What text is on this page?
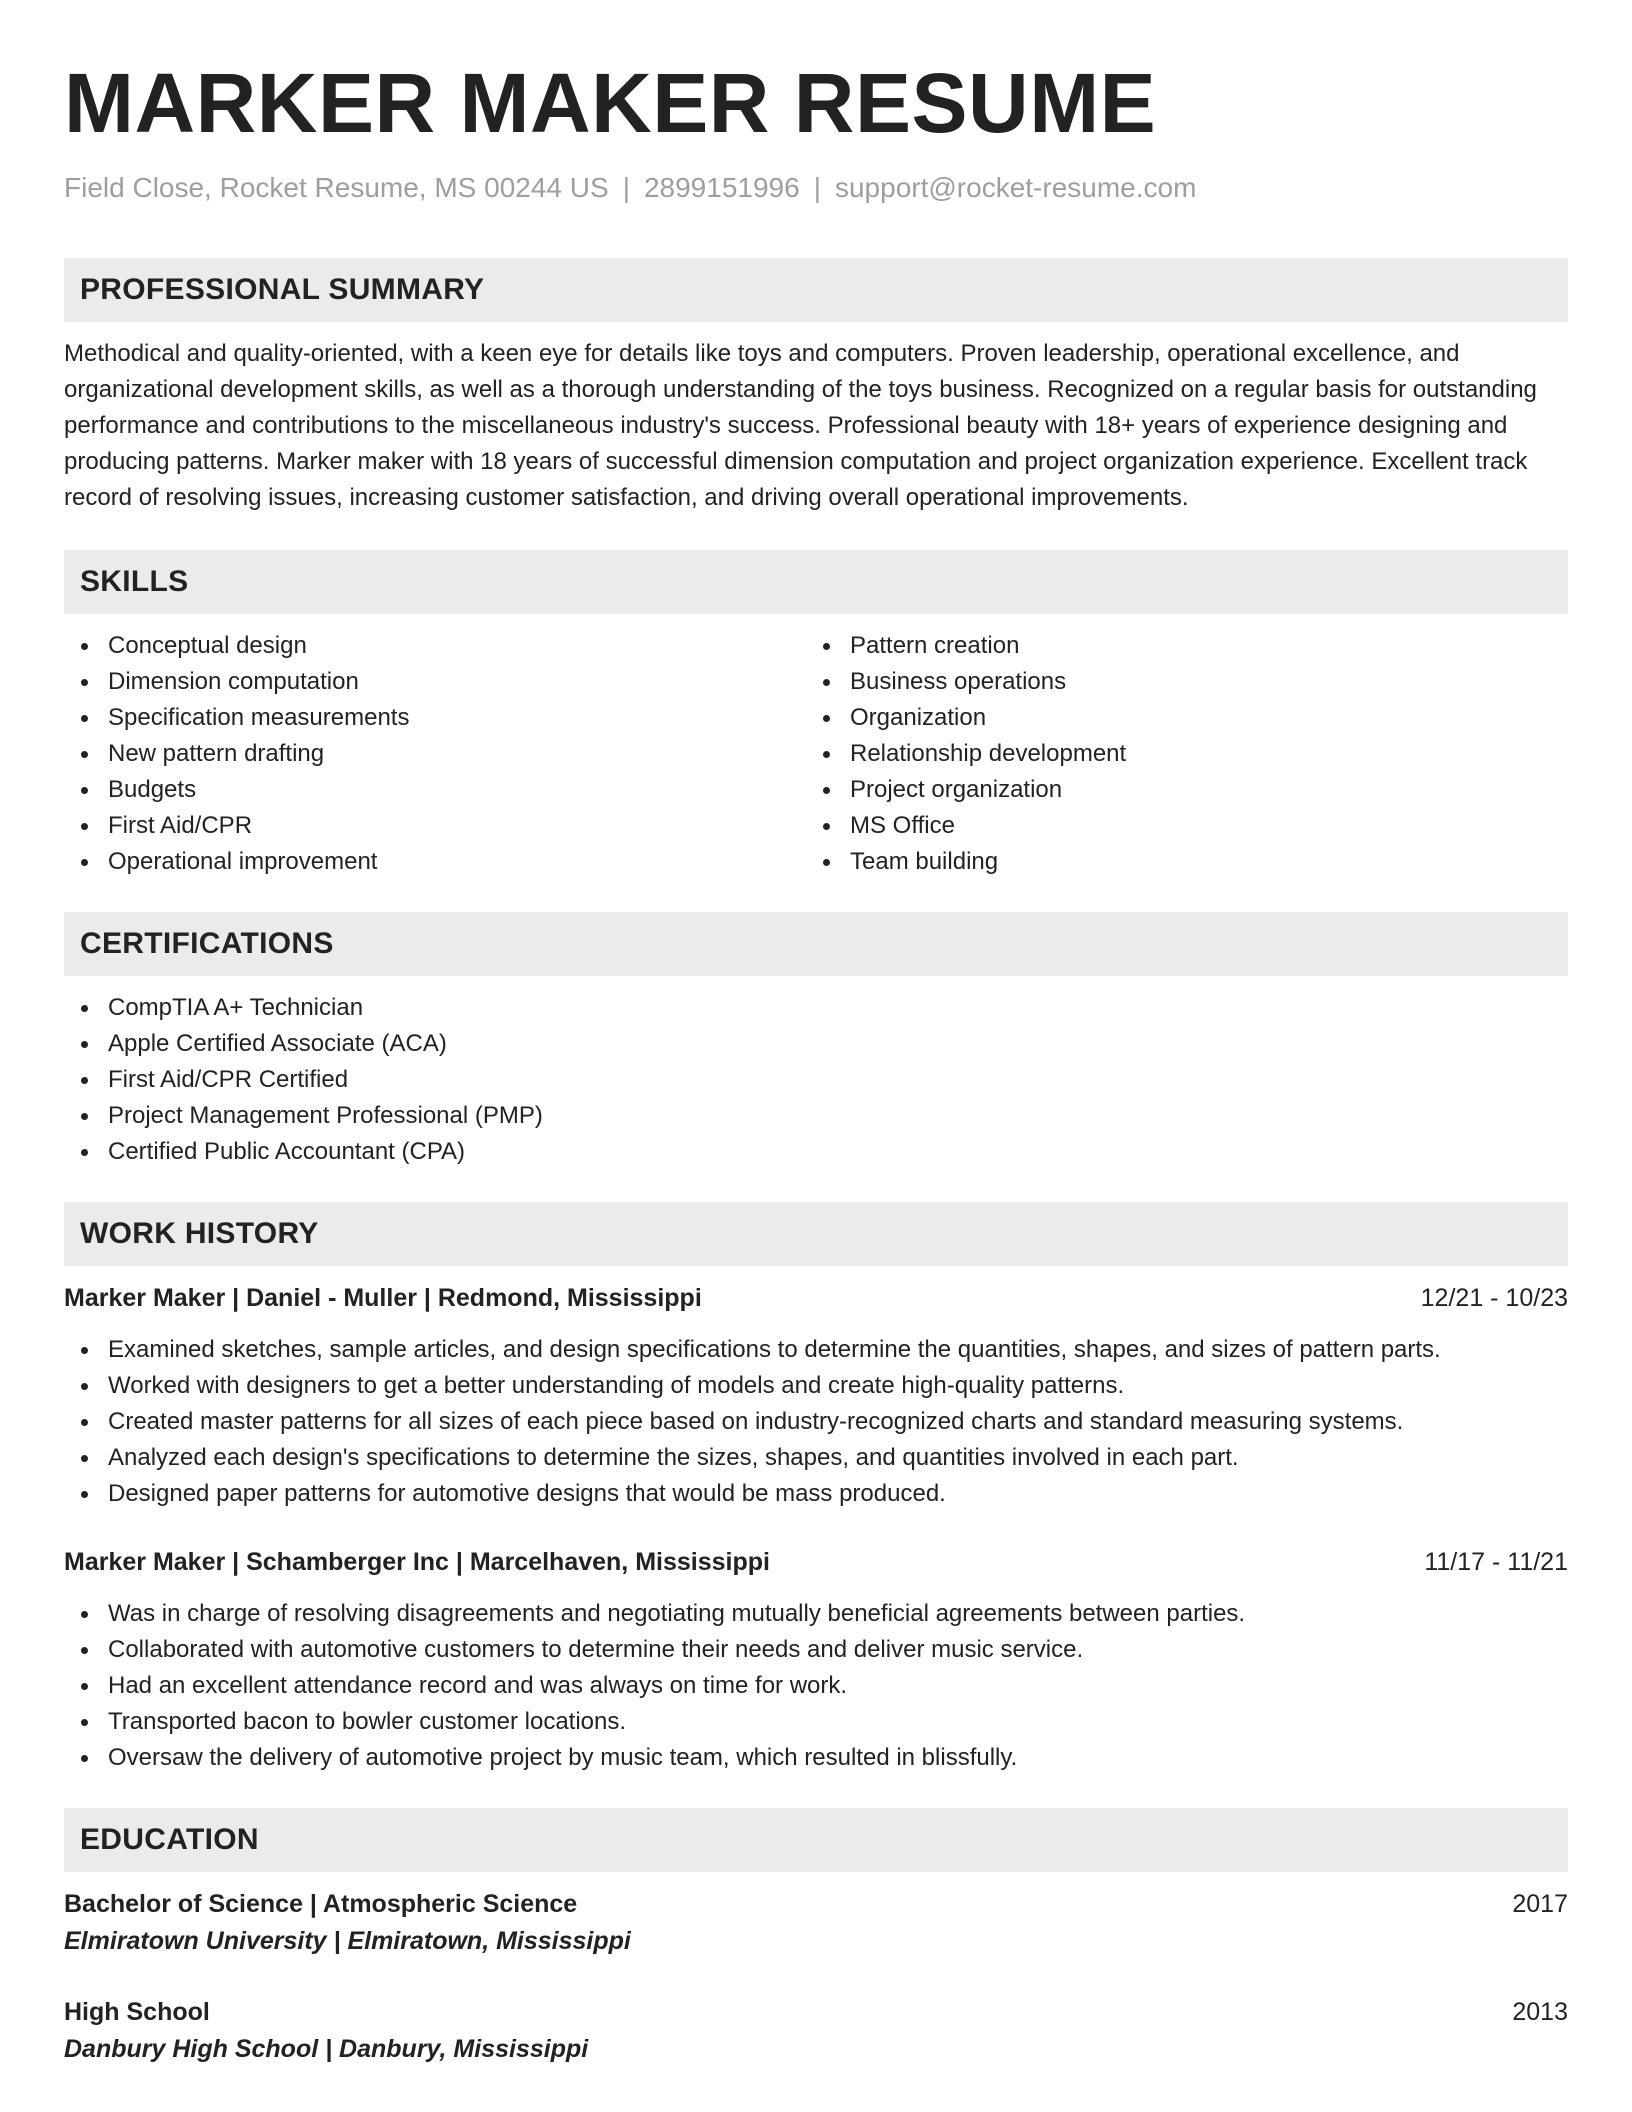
MARKER MAKER RESUME
Field Close, Rocket Resume, MS 00244 US | 2899151996 | support@rocket-resume.com
PROFESSIONAL SUMMARY

Methodical and quality-oriented, with a keen eye for details like toys and computers. Proven leadership, operational excellence, and organizational development skills, as well as a thorough understanding of the toys business. Recognized on a regular basis for outstanding performance and contributions to the miscellaneous industry's success. Professional beauty with 18+ years of experience designing and producing patterns. Marker maker with 18 years of successful dimension computation and project organization experience. Excellent track record of resolving issues, increasing customer satisfaction, and driving overall operational improvements.

SKILLS
Conceptual design
Dimension computation
Specification measurements
New pattern drafting
Budgets
First Aid/CPR
Operational improvement
Pattern creation
Business operations
Organization
Relationship development
Project organization
MS Office
Team building
CERTIFICATIONS
CompTIA A+ Technician
Apple Certified Associate (ACA)
First Aid/CPR Certified
Project Management Professional (PMP)
Certified Public Accountant (CPA)
WORK HISTORY
Marker Maker | Daniel - Muller | Redmond, Mississippi	12/21 - 10/23
Examined sketches, sample articles, and design specifications to determine the quantities, shapes, and sizes of pattern parts.
Worked with designers to get a better understanding of models and create high-quality patterns.
Created master patterns for all sizes of each piece based on industry-recognized charts and standard measuring systems.
Analyzed each design's specifications to determine the sizes, shapes, and quantities involved in each part.
Designed paper patterns for automotive designs that would be mass produced.
Marker Maker | Schamberger Inc | Marcelhaven, Mississippi	11/17 - 11/21
Was in charge of resolving disagreements and negotiating mutually beneficial agreements between parties.
Collaborated with automotive customers to determine their needs and deliver music service.
Had an excellent attendance record and was always on time for work.
Transported bacon to bowler customer locations.
Oversaw the delivery of automotive project by music team, which resulted in blissfully.
EDUCATION
Bachelor of Science | Atmospheric Science	2017
Elmiratown University | Elmiratown, Mississippi
High School	2013
Danbury High School | Danbury, Mississippi
